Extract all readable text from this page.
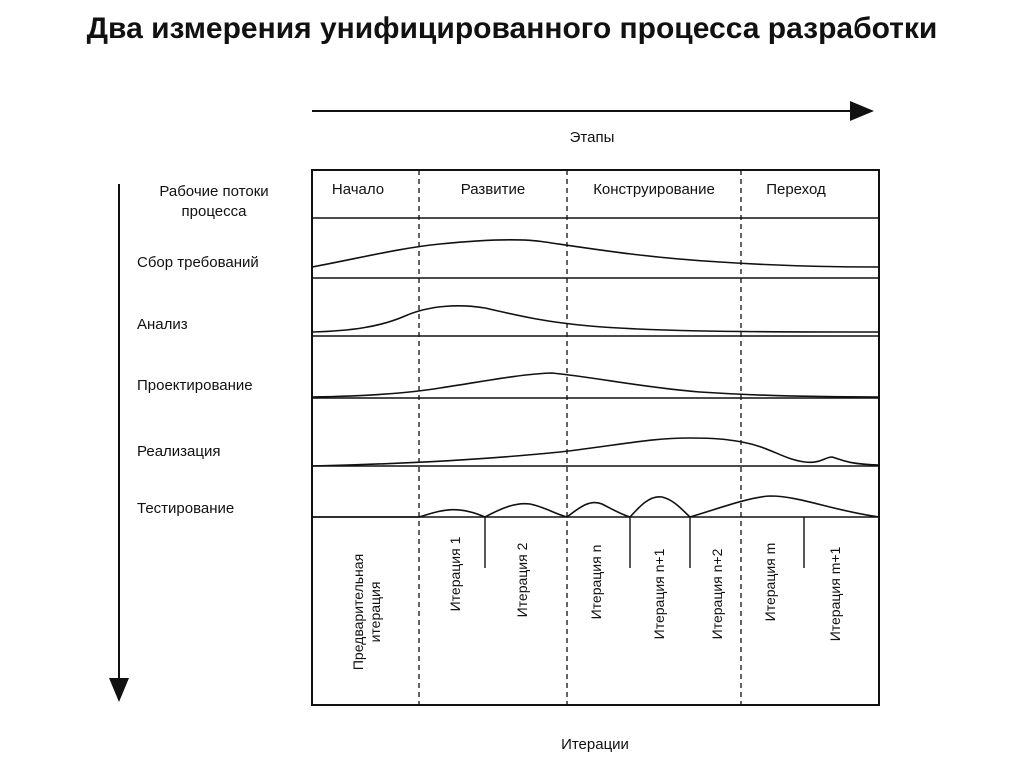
Два измерения унифицированного процесса разработки
Этапы
Рабочие потоки
процесса
Начало	Развитие	Конструирование	Переход
Сбор требований
Анализ
Проектирование
Реализация
Тестирование
Предварительная итерация
Итерация 1	Итерация 2	Итерация n	Итерация n+1	Итерация n+2	Итерация m	Итерация m+1
Итерации
